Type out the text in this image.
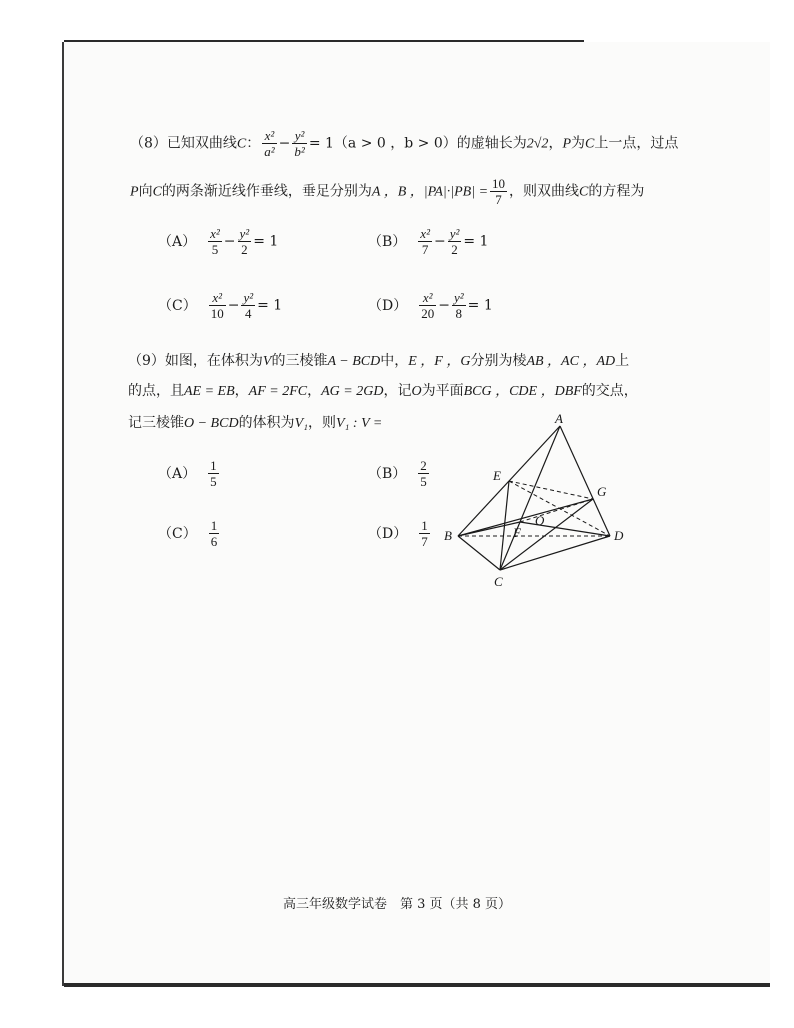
（8）已知双曲线C： $\frac{\text{x²}}{\text{a²}} - \frac{\text{y²}}{\text{b²}} = 1(a > 0$ ，b > 0）的虚轴长为2√2，P为C上一点，过点
P向C的两条渐近线作垂线，垂足分别为A ，B ，$|PA|\cdot|PB| = \frac{10}{7}$ ，则双曲线C的方程为
$(A) \frac{\text{x²}}{5} - \frac{\text{y²}}{2} = 1$	$(B) \frac{\text{x²}}{7} - \frac{\text{y²}}{2} = 1$
$(C) \frac{\text{x²}}{10} - \frac{\text{y²}}{4} = 1$	$(D) \frac{\text{x²}}{20} - \frac{\text{y²}}{8} = 1$
（9）如图，在体积为V的三棱锥A − BCD中，E ，F ，G分别为棱AB ，AC ，AD上
的点，且AE = EB，AF = 2FC，AG = 2GD，记O为平面BCG ，CDE ，DBF的交点，
记三棱锥O − BCD的体积为V₁，则V₁ : V =
$(A) \frac{1}{5}$	$(B) \frac{2}{5}$
$(C) \frac{1}{6}$	$(D) \frac{1}{7}$
A
B
C
D
E
F
G
O
高三年级数学试卷　第 3 页（共 8 页）
